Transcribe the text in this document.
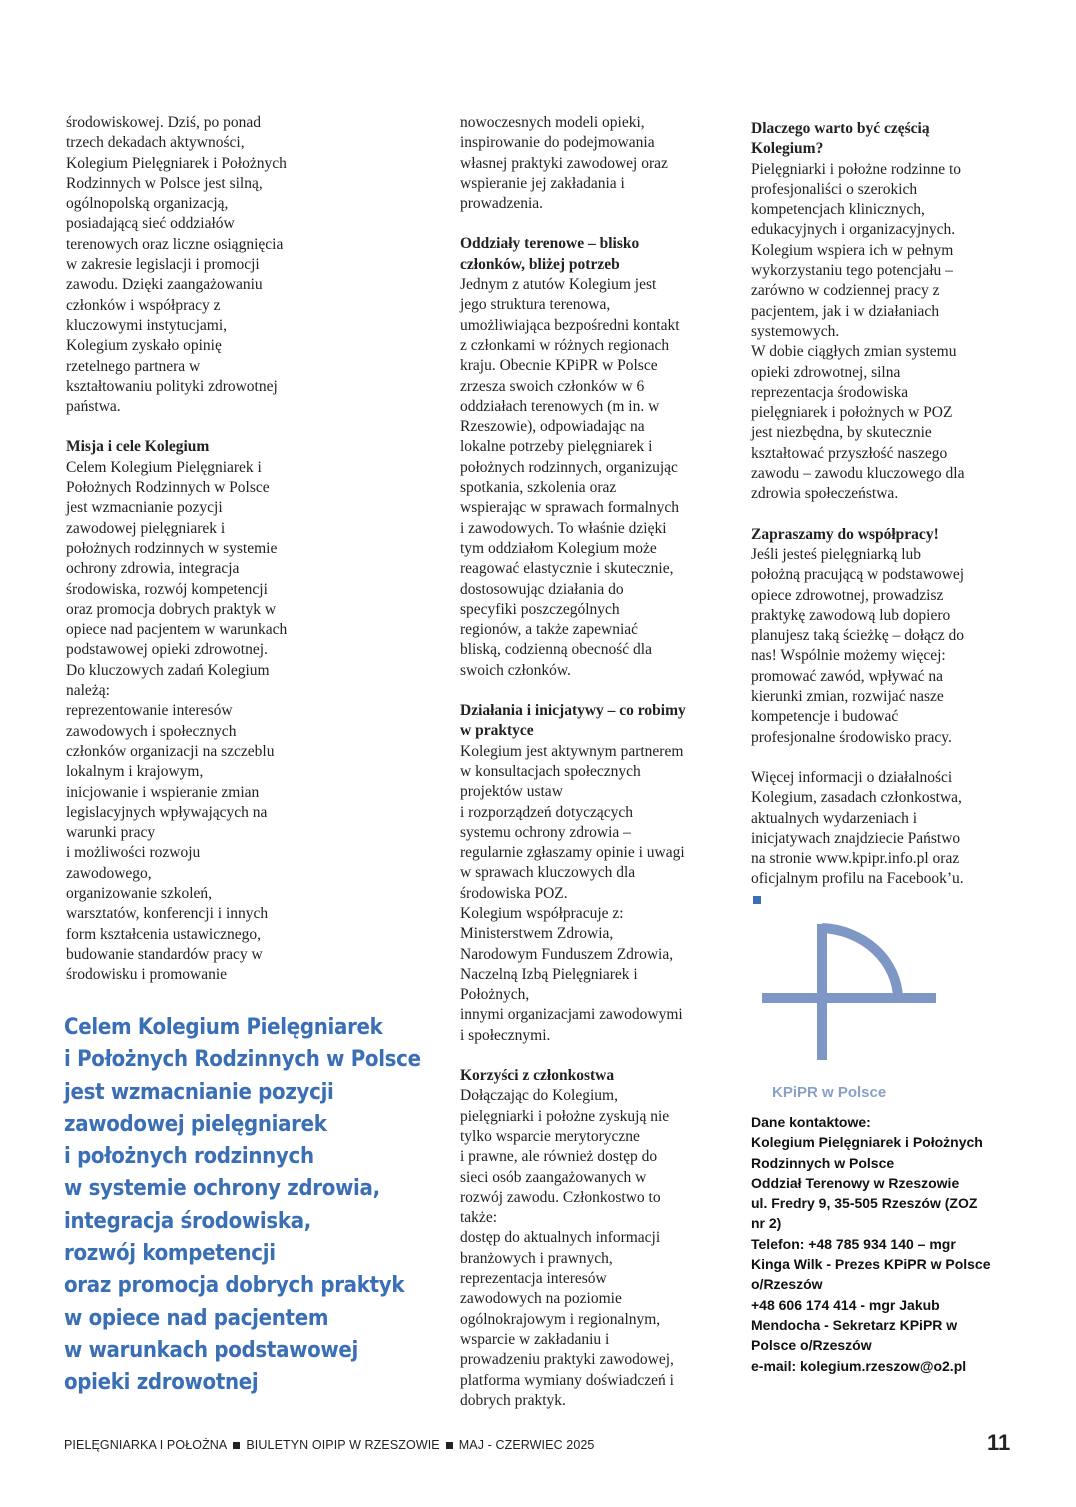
środowiskowej. Dziś, po ponad
trzech dekadach aktywności,
Kolegium Pielęgniarek i Położnych
Rodzinnych w Polsce jest silną,
ogólnopolską organizacją,
posiadającą sieć oddziałów
terenowych oraz liczne osiągnięcia
w zakresie legislacji i promocji
zawodu. Dzięki zaangażowaniu
członków i współpracy z
kluczowymi instytucjami,
Kolegium zyskało opinię
rzetelnego partnera w
kształtowaniu polityki zdrowotnej
państwa.
Misja i cele Kolegium
Celem Kolegium Pielęgniarek i
Położnych Rodzinnych w Polsce
jest wzmacnianie pozycji
zawodowej pielęgniarek i
położnych rodzinnych w systemie
ochrony zdrowia, integracja
środowiska, rozwój kompetencji
oraz promocja dobrych praktyk w
opiece nad pacjentem w warunkach
podstawowej opieki zdrowotnej.
Do kluczowych zadań Kolegium
należą:
reprezentowanie interesów
zawodowych i społecznych
członków organizacji na szczeblu
lokalnym i krajowym,
inicjowanie i wspieranie zmian
legislacyjnych wpływających na
warunki pracy
i możliwości rozwoju
zawodowego,
organizowanie szkoleń,
warsztatów, konferencji i innych
form kształcenia ustawicznego,
budowanie standardów pracy w
środowisku i promowanie
Celem Kolegium Pielęgniarek
i Położnych Rodzinnych w Polsce
jest wzmacnianie pozycji
zawodowej pielęgniarek
i położnych rodzinnych
w systemie ochrony zdrowia,
integracja środowiska,
rozwój kompetencji
oraz promocja dobrych praktyk
w opiece nad pacjentem
w warunkach podstawowej
opieki zdrowotnej
nowoczesnych modeli opieki,
inspirowanie do podejmowania
własnej praktyki zawodowej oraz
wspieranie jej zakładania i
prowadzenia.
Oddziały terenowe – blisko
członków, bliżej potrzeb
Jednym z atutów Kolegium jest
jego struktura terenowa,
umożliwiająca bezpośredni kontakt
z członkami w różnych regionach
kraju. Obecnie KPiPR w Polsce
zrzesza swoich członków w 6
oddziałach terenowych (m in. w
Rzeszowie), odpowiadając na
lokalne potrzeby pielęgniarek i
położnych rodzinnych, organizując
spotkania, szkolenia oraz
wspierając w sprawach formalnych
i zawodowych. To właśnie dzięki
tym oddziałom Kolegium może
reagować elastycznie i skutecznie,
dostosowując działania do
specyfiki poszczególnych
regionów, a także zapewniać
bliską, codzienną obecność dla
swoich członków.
Działania i inicjatywy – co robimy
w praktyce
Kolegium jest aktywnym partnerem
w konsultacjach społecznych
projektów ustaw
i rozporządzeń dotyczących
systemu ochrony zdrowia –
regularnie zgłaszamy opinie i uwagi
w sprawach kluczowych dla
środowiska POZ.
Kolegium współpracuje z:
Ministerstwem Zdrowia,
Narodowym Funduszem Zdrowia,
Naczelną Izbą Pielęgniarek i
Położnych,
innymi organizacjami zawodowymi
i społecznymi.
Korzyści z członkostwa
Dołączając do Kolegium,
pielęgniarki i położne zyskują nie
tylko wsparcie merytoryczne
i prawne, ale również dostęp do
sieci osób zaangażowanych w
rozwój zawodu. Członkostwo to
także:
dostęp do aktualnych informacji
branżowych i prawnych,
reprezentacja interesów
zawodowych na poziomie
ogólnokrajowym i regionalnym,
wsparcie w zakładaniu i
prowadzeniu praktyki zawodowej,
platforma wymiany doświadczeń i
dobrych praktyk.
Dlaczego warto być częścią
Kolegium?
Pielęgniarki i położne rodzinne to
profesjonaliści o szerokich
kompetencjach klinicznych,
edukacyjnych i organizacyjnych.
Kolegium wspiera ich w pełnym
wykorzystaniu tego potencjału –
zarówno w codziennej pracy z
pacjentem, jak i w działaniach
systemowych.
W dobie ciągłych zmian systemu
opieki zdrowotnej, silna
reprezentacja środowiska
pielęgniarek i położnych w POZ
jest niezbędna, by skutecznie
kształtować przyszłość naszego
zawodu – zawodu kluczowego dla
zdrowia społeczeństwa.
Zapraszamy do współpracy!
Jeśli jesteś pielęgniarką lub
położną pracującą w podstawowej
opiece zdrowotnej, prowadzisz
praktykę zawodową lub dopiero
planujesz taką ścieżkę – dołącz do
nas! Wspólnie możemy więcej:
promować zawód, wpływać na
kierunki zmian, rozwijać nasze
kompetencje i budować
profesjonalne środowisko pracy.
Więcej informacji o działalności
Kolegium, zasadach członkostwa,
aktualnych wydarzeniach i
inicjatywach znajdziecie Państwo
na stronie www.kpipr.info.pl oraz
oficjalnym profilu na Facebook’u.
KPiPR w Polsce
Dane kontaktowe:
Kolegium Pielęgniarek i Położnych
Rodzinnych w Polsce
Oddział Terenowy w Rzeszowie
ul. Fredry 9, 35-505 Rzeszów (ZOZ
nr 2)
Telefon: +48 785 934 140 – mgr
Kinga Wilk - Prezes KPiPR w Polsce
o/Rzeszów
+48 606 174 414 - mgr Jakub
Mendocha - Sekretarz KPiPR w
Polsce o/Rzeszów
e-mail: kolegium.rzeszow@o2.pl
PIELĘGNIARKA I POŁOŻNA BIULETYN OIPIP W RZESZOWIE MAJ - CZERWIEC 2025	11
